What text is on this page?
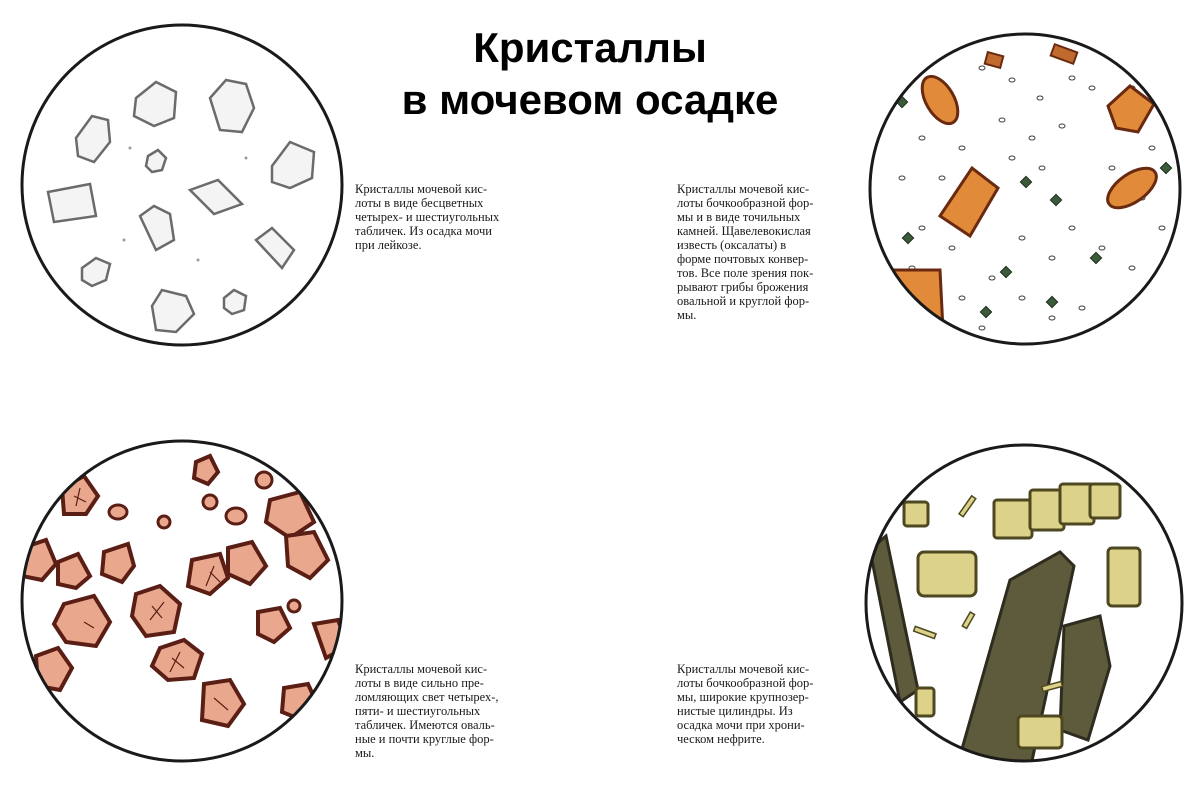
Кристаллы
в мочевом осадке
Кристаллы мочевой кис-
лоты в виде бесцветных
четырех- и шестиугольных
табличек. Из осадка мочи
при лейкозе.
Кристаллы мочевой кис-
лоты бочкообразной фор-
мы и в виде точильных
камней. Щавелевокислая
известь (оксалаты) в
форме почтовых конвер-
тов. Все поле зрения пок-
рывают грибы брожения
овальной и круглой фор-
мы.
Кристаллы мочевой кис-
лоты в виде сильно пре-
ломляющих свет четырех-,
пяти- и шестиугольных
табличек. Имеются оваль-
ные и почти круглые фор-
мы.
Кристаллы мочевой кис-
лоты бочкообразной фор-
мы, широкие крупнозер-
нистые цилиндры. Из
осадка мочи при хрони-
ческом нефрите.
